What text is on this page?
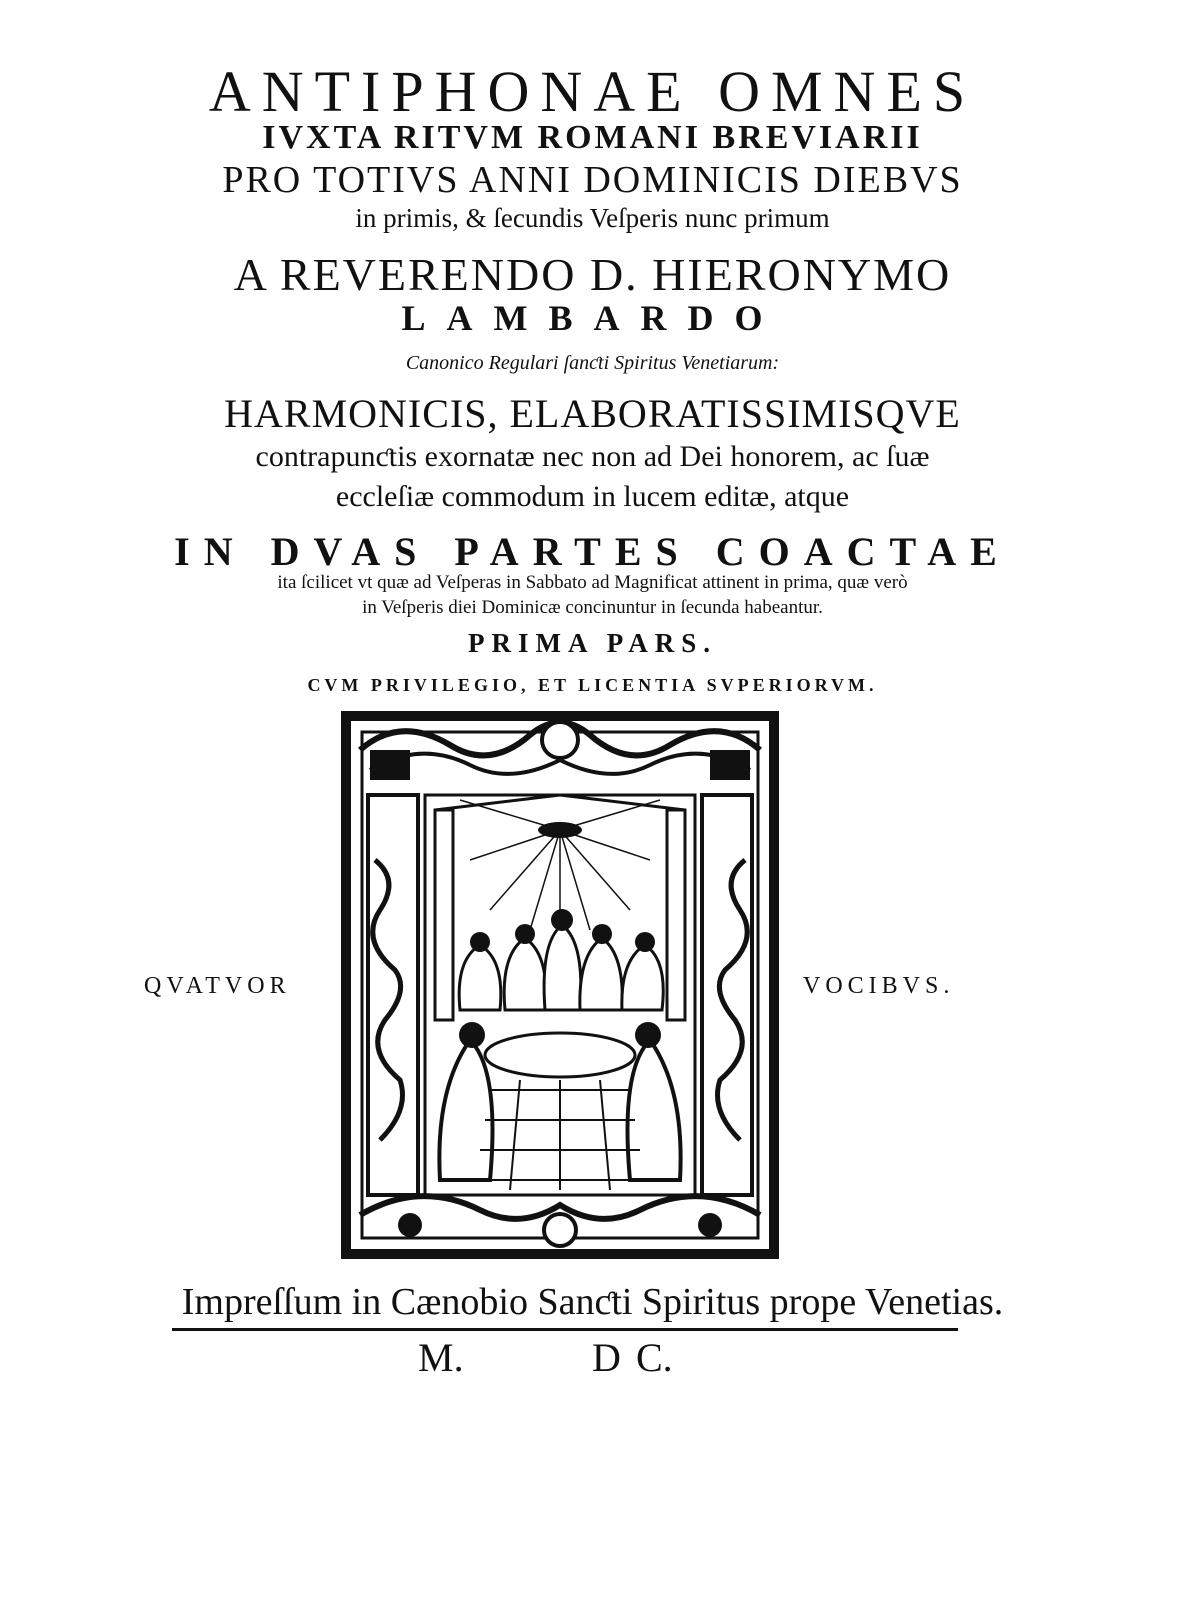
ANTIPHONAE OMNES
IVXTA RITVM ROMANI BREVIARII
PRO TOTIVS ANNI DOMINICIS DIEBVS
in primis, & ſecundis Veſperis nunc primum
A REVERENDO D. HIERONYMO
LAMBARDO
Canonico Regulari ſanƈti Spiritus Venetiarum:
HARMONICIS, ELABORATISSIMISQVE
contrapunƈtis exornatæ nec non ad Dei honorem, ac ſuæ
eccleſiæ commodum in lucem editæ, atque
IN DVAS PARTES COACTAE
ita ſcilicet vt quæ ad Veſperas in Sabbato ad Magnificat attinent in prima, quæ verò
in Veſperis diei Dominicæ concinuntur in ſecunda habeantur.
PRIMA PARS.
CVM PRIVILEGIO, ET LICENTIA SVPERIORVM.
QVATVOR	VOCIBVS.
Impreſſum in Cænobio Sanƈti Spiritus prope Venetias.
M.	D C.
